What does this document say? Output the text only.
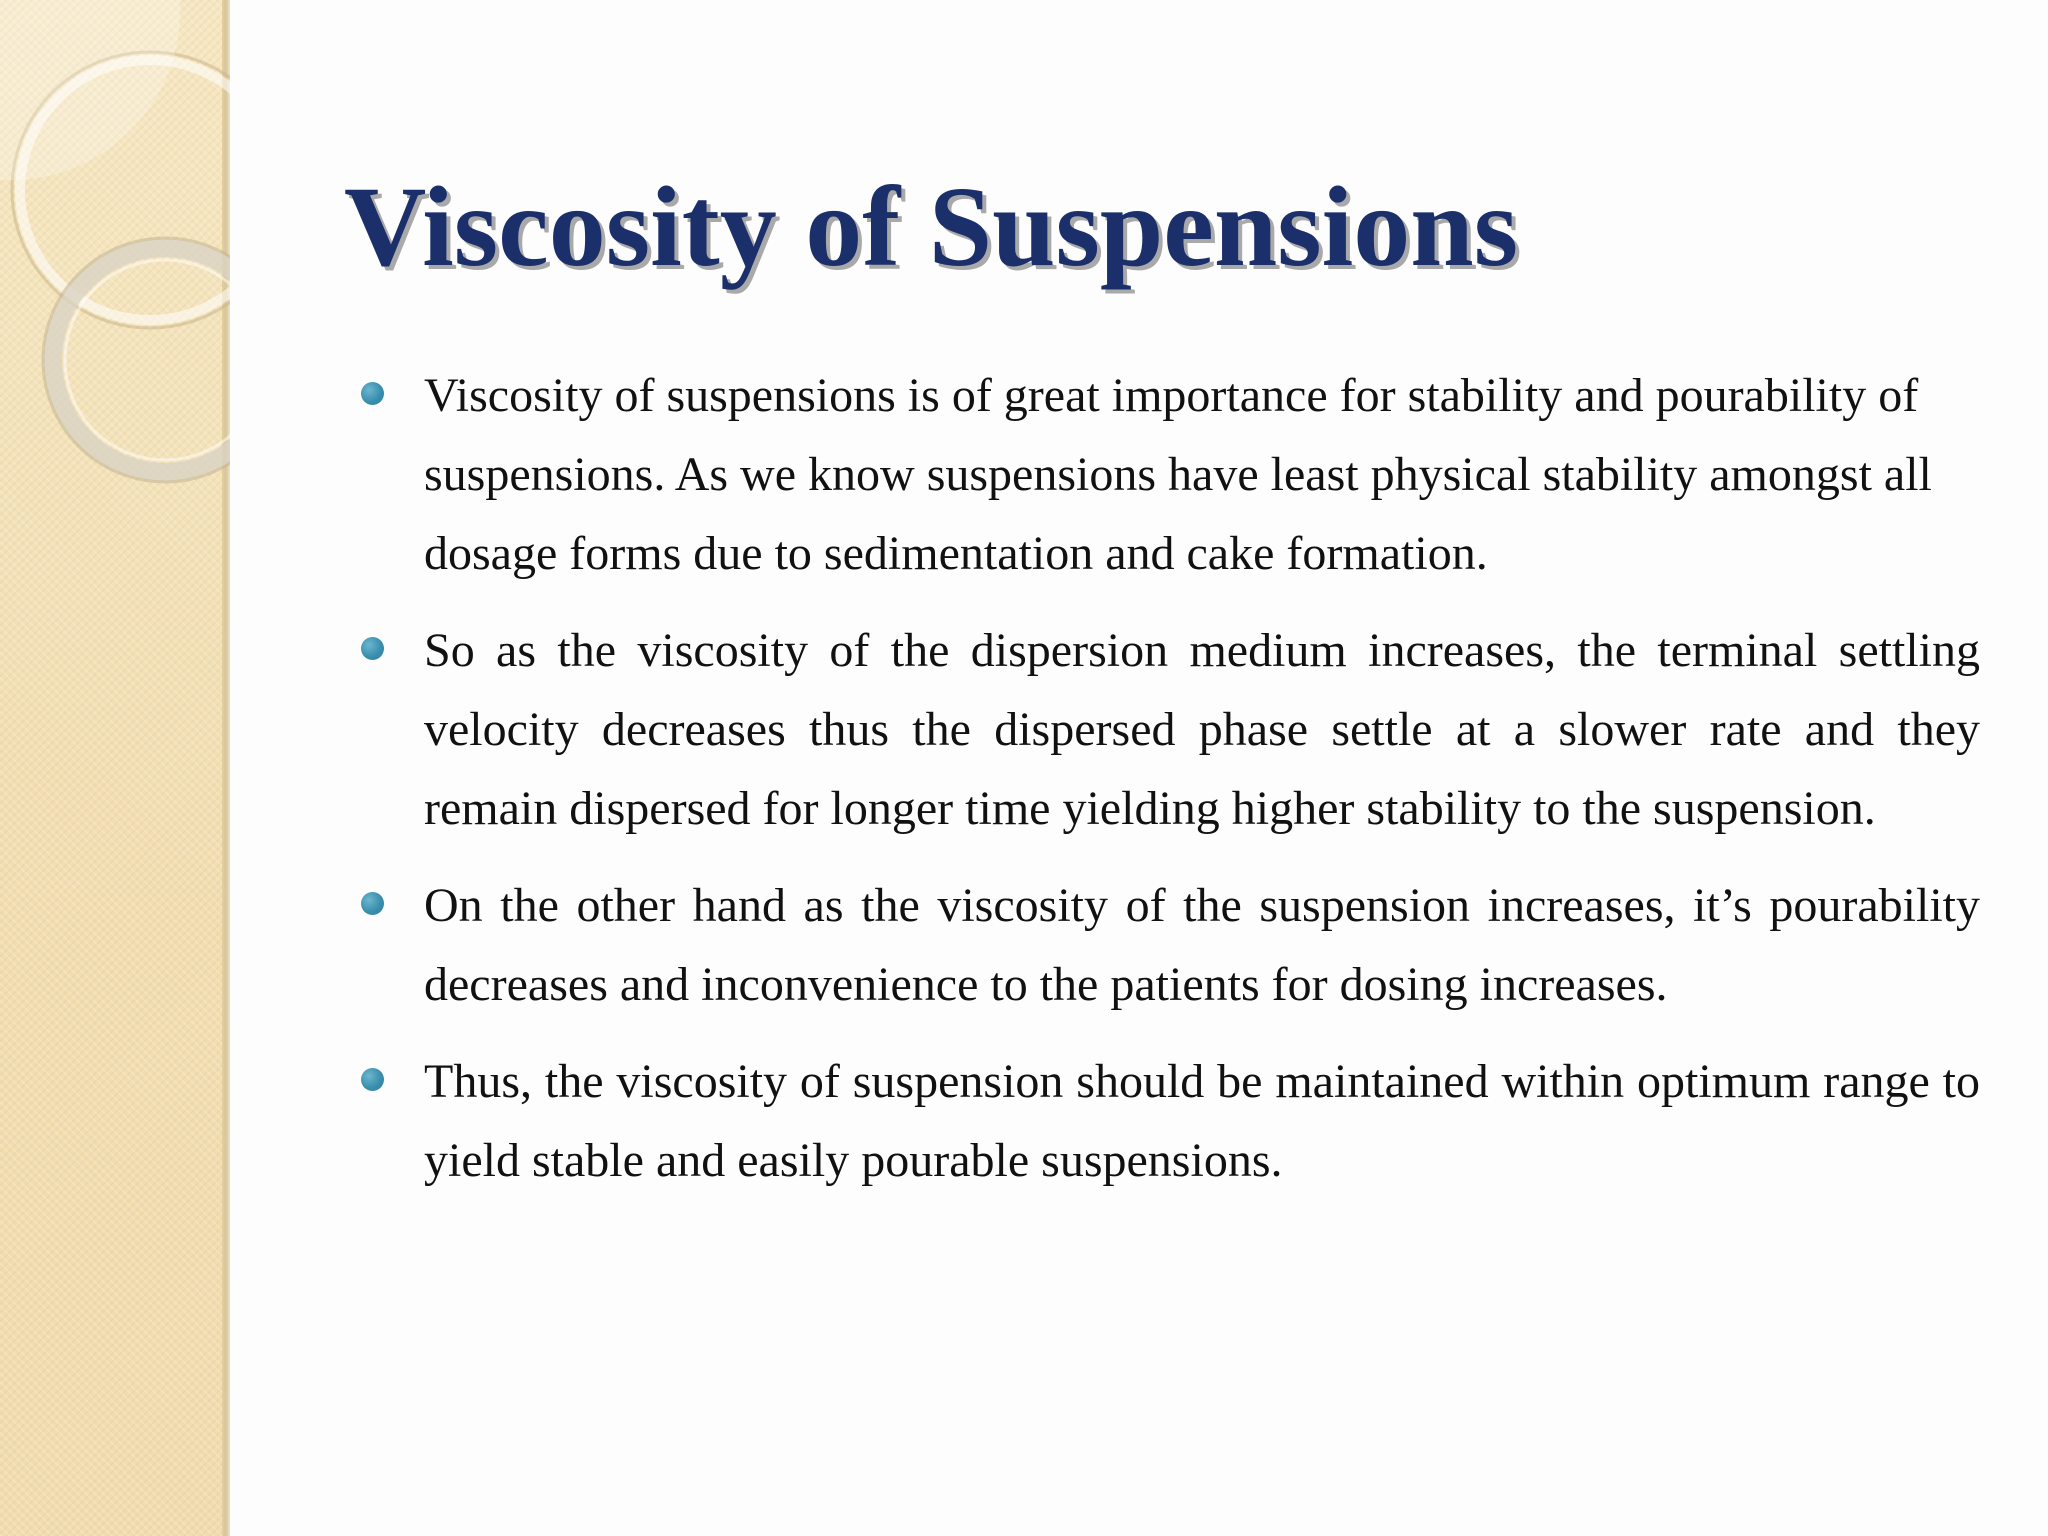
Viscosity of Suspensions
Viscosity of suspensions is of great importance for stability and pourability of suspensions. As we know suspensions have least physical stability amongst all dosage forms due to sedimentation and cake formation.
So as the viscosity of the dispersion medium increases, the terminal settling velocity decreases thus the dispersed phase settle at a slower rate and they remain dispersed for longer time yielding higher stability to the suspension.
On the other hand as the viscosity of the suspension increases, it’s pourability decreases and inconvenience to the patients for dosing increases.
Thus, the viscosity of suspension should be maintained within optimum range to yield stable and easily pourable suspensions.
